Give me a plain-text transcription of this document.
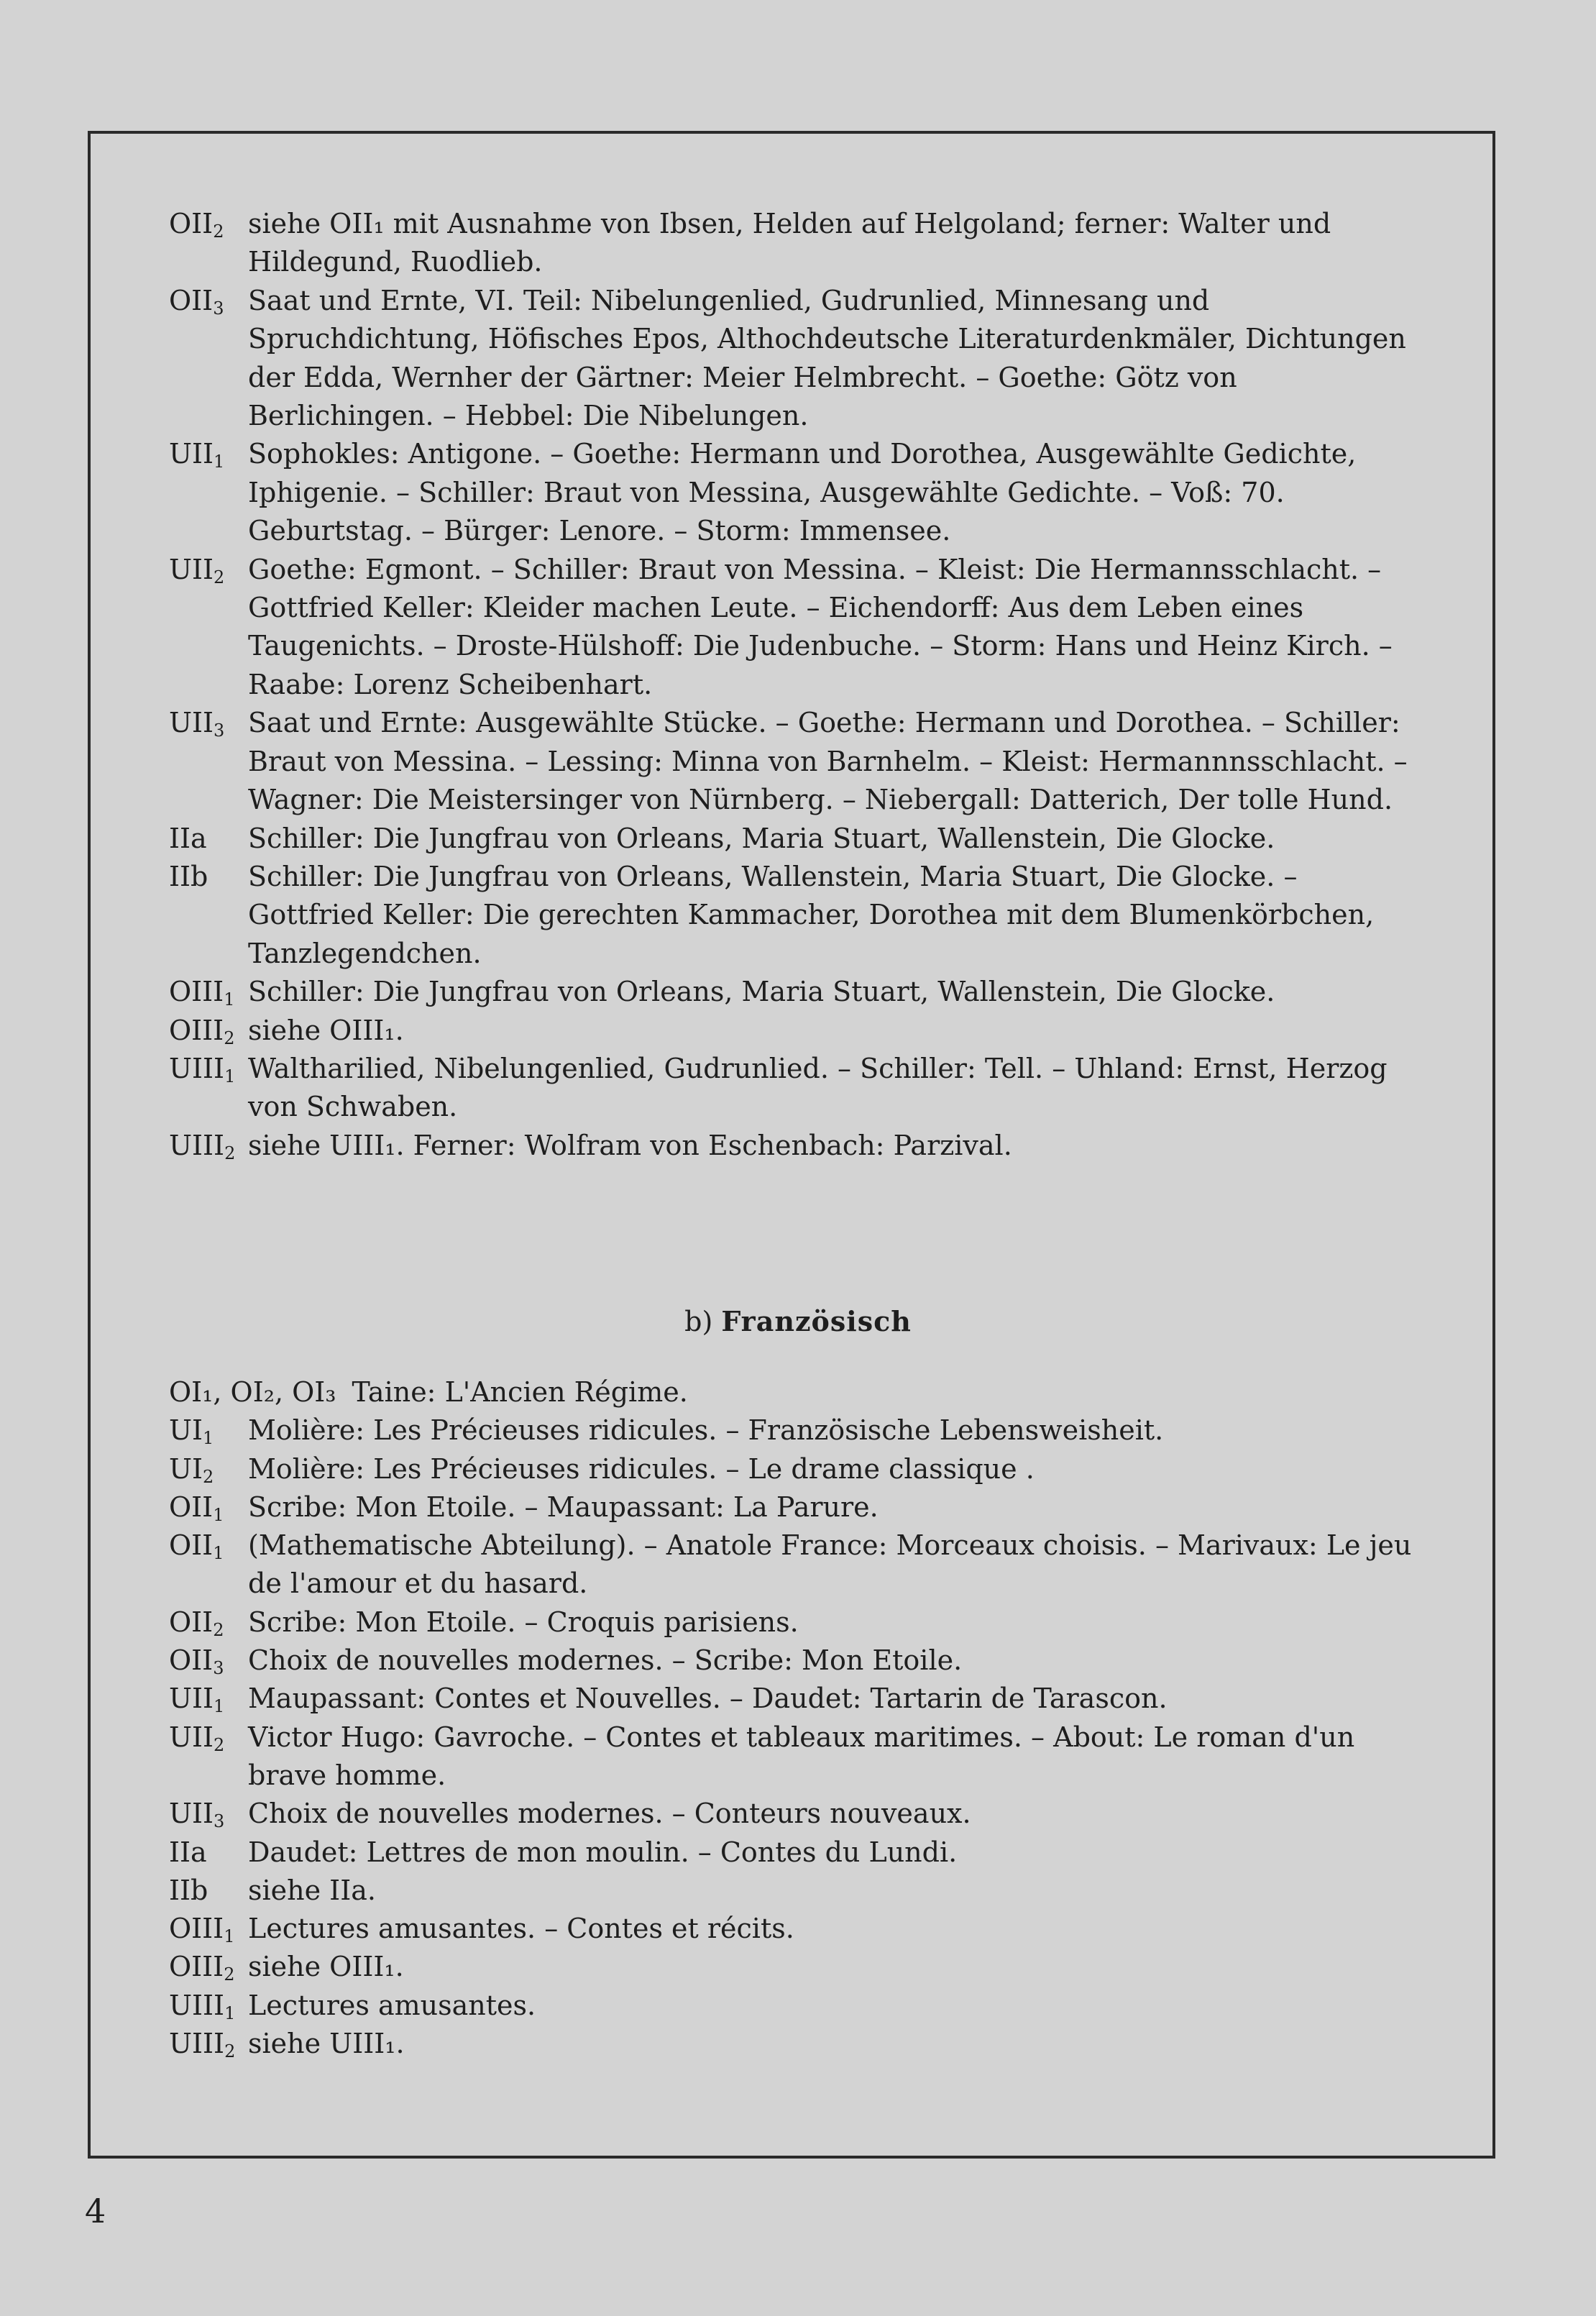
$OII_2$ siehe OII₁ mit Ausnahme von Ibsen, Helden auf Helgoland; ferner: Walter und Hildegund, Ruodlieb.
$OII_3$ Saat und Ernte, VI. Teil: Nibelungenlied, Gudrunlied, Minnesang und Spruchdichtung, Höfisches Epos, Althochdeutsche Literaturdenkmäler, Dichtungen der Edda, Wernher der Gärtner: Meier Helmbrecht. – Goethe: Götz von Berlichingen. – Hebbel: Die Nibelungen.
$UII_1$ Sophokles: Antigone. – Goethe: Hermann und Dorothea, Ausgewählte Gedichte, Iphigenie. – Schiller: Braut von Messina, Ausgewählte Gedichte. – Voß: 70. Geburtstag. – Bürger: Lenore. – Storm: Immensee.
$UII_2$ Goethe: Egmont. – Schiller: Braut von Messina. – Kleist: Die Hermannsschlacht. – Gottfried Keller: Kleider machen Leute. – Eichendorff: Aus dem Leben eines Taugenichts. – Droste-Hülshoff: Die Judenbuche. – Storm: Hans und Heinz Kirch. – Raabe: Lorenz Scheibenhart.
$UII_3$ Saat und Ernte: Ausgewählte Stücke. – Goethe: Hermann und Dorothea. – Schiller: Braut von Messina. – Lessing: Minna von Barnhelm. – Kleist: Hermannnsschlacht. – Wagner: Die Meistersinger von Nürnberg. – Niebergall: Datterich, Der tolle Hund.
IIa	Schiller: Die Jungfrau von Orleans, Maria Stuart, Wallenstein, Die Glocke.
IIb	Schiller: Die Jungfrau von Orleans, Wallenstein, Maria Stuart, Die Glocke. – Gottfried Keller: Die gerechten Kammacher, Dorothea mit dem Blumenkörbchen, Tanzlegendchen.
$OIII_1$ Schiller: Die Jungfrau von Orleans, Maria Stuart, Wallenstein, Die Glocke.
$OIII_2$ siehe OIII₁.
$UIII_1$ Waltharilied, Nibelungenlied, Gudrunlied. – Schiller: Tell. – Uhland: Ernst, Herzog von Schwaben.
$UIII_2$ siehe UIII₁. Ferner: Wolfram von Eschenbach: Parzival.
b) Französisch
OI₁, OI₂, OI₃ Taine: L'Ancien Régime.
$UI_1$	Molière: Les Précieuses ridicules. – Französische Lebensweisheit.
$UI_2$	Molière: Les Précieuses ridicules. – Le drame classique .
$OII_1$ Scribe: Mon Etoile. – Maupassant: La Parure.
$OII_1$ (Mathematische Abteilung). – Anatole France: Morceaux choisis. – Marivaux: Le jeu de l'amour et du hasard.
$OII_2$ Scribe: Mon Etoile. – Croquis parisiens.
$OII_3$ Choix de nouvelles modernes. – Scribe: Mon Etoile.
$UII_1$ Maupassant: Contes et Nouvelles. – Daudet: Tartarin de Tarascon.
$UII_2$ Victor Hugo: Gavroche. – Contes et tableaux maritimes. – About: Le roman d'un brave homme.
$UII_3$ Choix de nouvelles modernes. – Conteurs nouveaux.
IIa	Daudet: Lettres de mon moulin. – Contes du Lundi.
IIb	siehe IIa.
$OIII_1$ Lectures amusantes. – Contes et récits.
$OIII_2$ siehe OIII₁.
$UIII_1$ Lectures amusantes.
$UIII_2$ siehe UIII₁.
4
